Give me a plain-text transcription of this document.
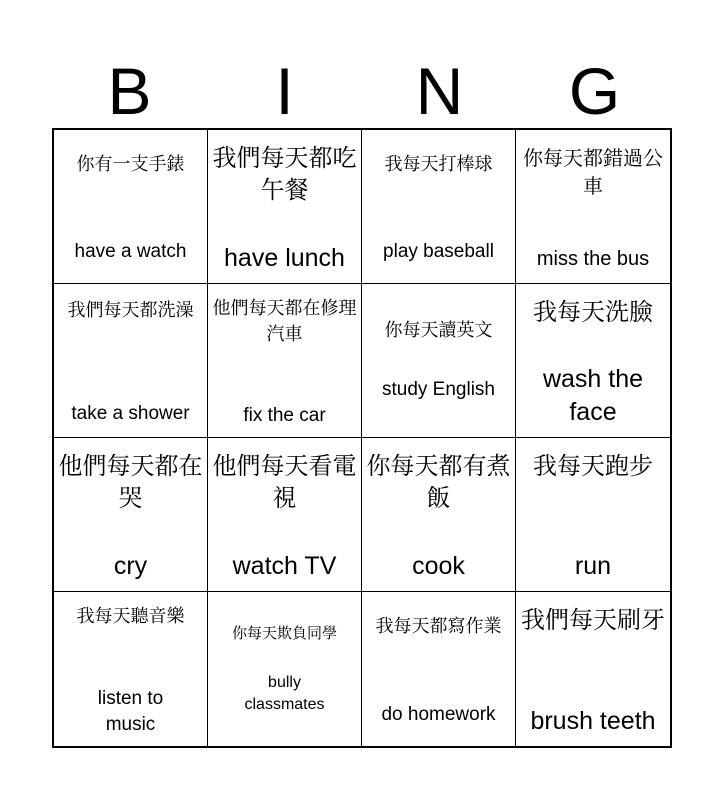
B	I	N	G
你有一支手錶
have a watch
我們每天都吃午餐
have lunch
我每天打棒球
play baseball
你每天都錯過公車
miss the bus
我們每天都洗澡
take a shower
他們每天都在修理汽車
fix the car
你每天讀英文
study English
我每天洗臉
wash the face
他們每天都在哭
cry
他們每天看電視
watch TV
你每天都有煮飯
cook
我每天跑步
run
我每天聽音樂
listen to music
你每天欺負同學
bully classmates
我每天都寫作業
do homework
我們每天刷牙
brush teeth
